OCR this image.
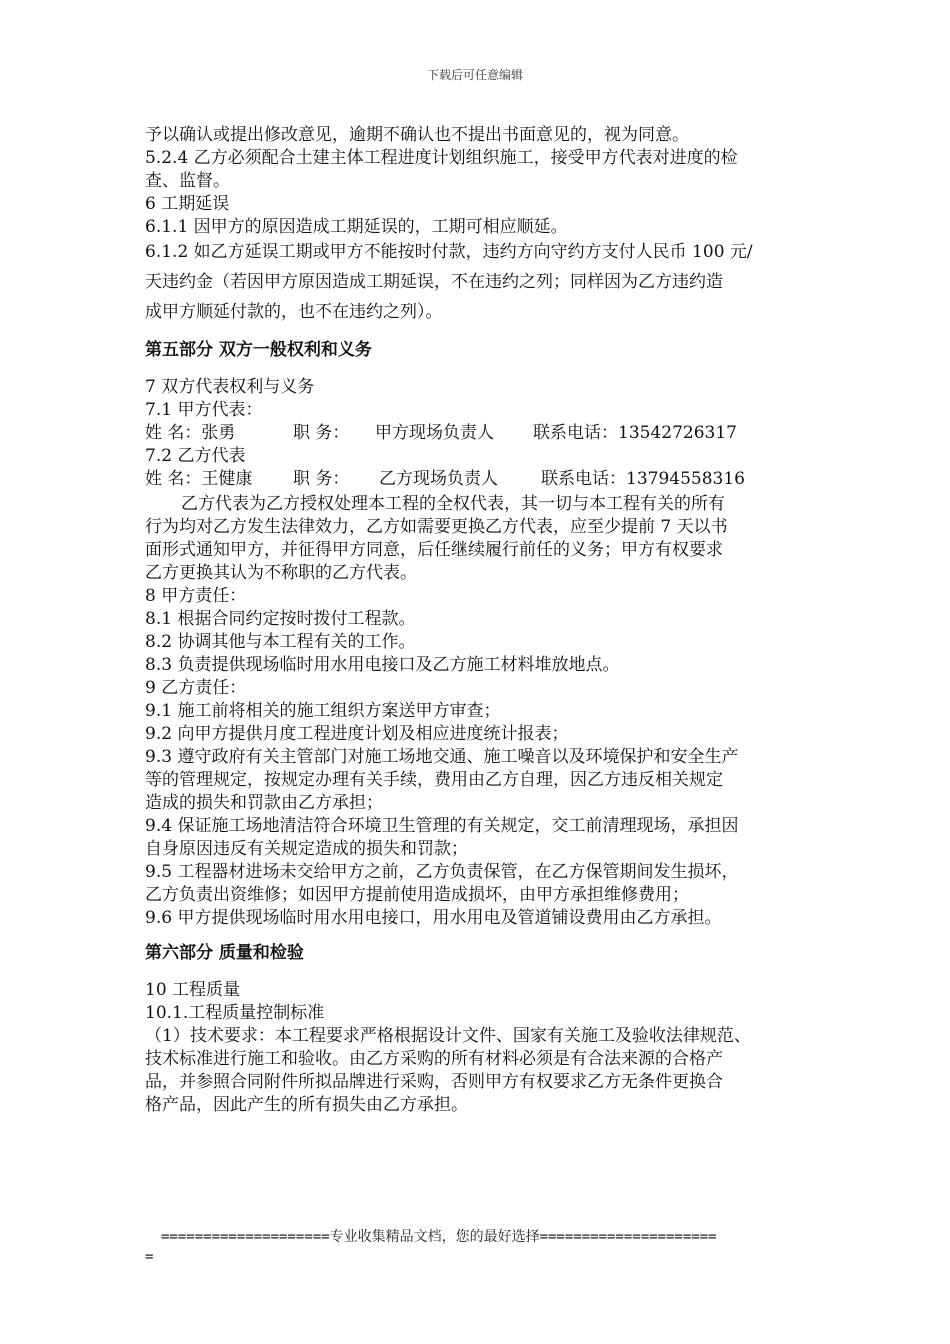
下载后可任意编辑

予以确认或提出修改意见，逾期不确认也不提出书面意见的，视为同意。

5.2.4 乙方必须配合土建主体工程进度计划组织施工，接受甲方代表对进度的检

查、监督。

6 工期延误

6.1.1 因甲方的原因造成工期延误的，工期可相应顺延。

6.1.2 如乙方延误工期或甲方不能按时付款，违约方向守约方支付人民币 100 元/

天违约金（若因甲方原因造成工期延误，不在违约之列；同样因为乙方违约造

成甲方顺延付款的，也不在违约之列）。

第五部分 双方一般权利和义务

7 双方代表权利与义务

7.1 甲方代表：

姓 名：张勇	职 务：	甲方现场负责人	联系电话：13542726317

7.2 乙方代表

姓 名：王健康	职 务：	乙方现场负责人	联系电话：13794558316

乙方代表为乙方授权处理本工程的全权代表，其一切与本工程有关的所有

行为均对乙方发生法律效力，乙方如需要更换乙方代表，应至少提前 7 天以书

面形式通知甲方，并征得甲方同意，后任继续履行前任的义务；甲方有权要求

乙方更换其认为不称职的乙方代表。

8 甲方责任：

8.1 根据合同约定按时拨付工程款。

8.2 协调其他与本工程有关的工作。

8.3 负责提供现场临时用水用电接口及乙方施工材料堆放地点。

9 乙方责任：

9.1 施工前将相关的施工组织方案送甲方审查；

9.2 向甲方提供月度工程进度计划及相应进度统计报表；

9.3 遵守政府有关主管部门对施工场地交通、施工噪音以及环境保护和安全生产

等的管理规定，按规定办理有关手续，费用由乙方自理，因乙方违反相关规定

造成的损失和罚款由乙方承担；

9.4 保证施工场地清洁符合环境卫生管理的有关规定，交工前清理现场，承担因

自身原因违反有关规定造成的损失和罚款；

9.5 工程器材进场未交给甲方之前，乙方负责保管，在乙方保管期间发生损坏，

乙方负责出资维修；如因甲方提前使用造成损坏，由甲方承担维修费用；

9.6 甲方提供现场临时用水用电接口，用水用电及管道铺设费用由乙方承担。

第六部分 质量和检验

10 工程质量

10.1.工程质量控制标准

（1）技术要求：本工程要求严格根据设计文件、国家有关施工及验收法律规范、

技术标准进行施工和验收。由乙方采购的所有材料必须是有合法来源的合格产

品，并参照合同附件所拟品牌进行采购，否则甲方有权要求乙方无条件更换合

格产品，因此产生的所有损失由乙方承担。

====================专业收集精品文档，您的最好选择=====================
=
